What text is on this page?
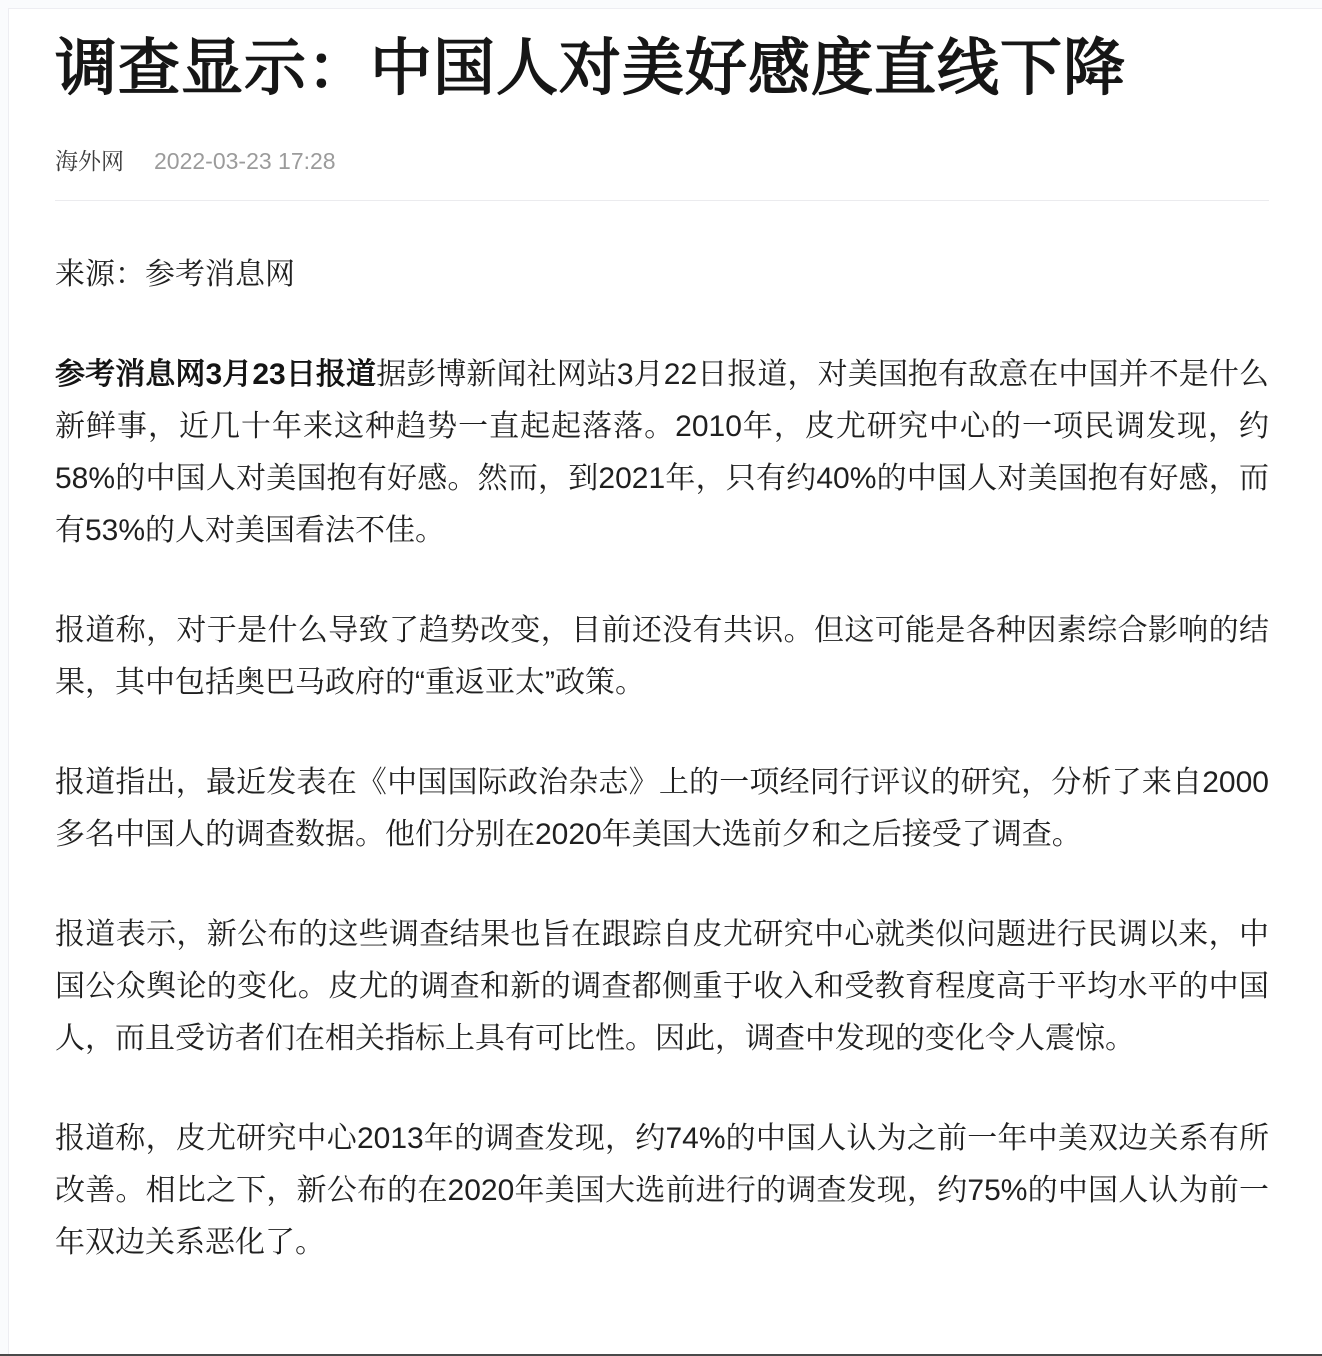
调查显示：中国人对美好感度直线下降
海外网 2022-03-23 17:28

来源：参考消息网

参考消息网3月23日报道据彭博新闻社网站3月22日报道，对美国抱有敌意在中国并不是什么新鲜事，近几十年来这种趋势一直起起落落。2010年，皮尤研究中心的一项民调发现，约58%的中国人对美国抱有好感。然而，到2021年，只有约40%的中国人对美国抱有好感，而有53%的人对美国看法不佳。

报道称，对于是什么导致了趋势改变，目前还没有共识。但这可能是各种因素综合影响的结果，其中包括奥巴马政府的“重返亚太”政策。

报道指出，最近发表在《中国国际政治杂志》上的一项经同行评议的研究，分析了来自2000多名中国人的调查数据。他们分别在2020年美国大选前夕和之后接受了调查。

报道表示，新公布的这些调查结果也旨在跟踪自皮尤研究中心就类似问题进行民调以来，中国公众舆论的变化。皮尤的调查和新的调查都侧重于收入和受教育程度高于平均水平的中国人，而且受访者们在相关指标上具有可比性。因此，调查中发现的变化令人震惊。

报道称，皮尤研究中心2013年的调查发现，约74%的中国人认为之前一年中美双边关系有所改善。相比之下，新公布的在2020年美国大选前进行的调查发现，约75%的中国人认为前一年双边关系恶化了。
